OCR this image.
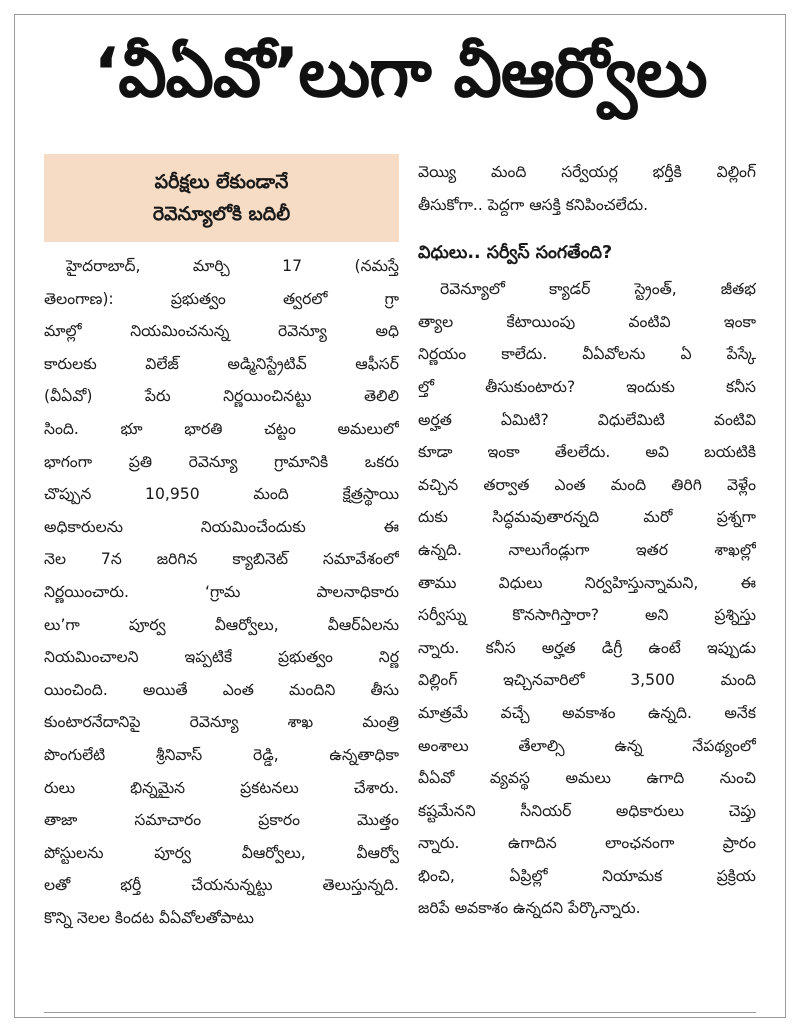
‘వీఏవో’లుగా వీఆర్వోలు
పరీక్షలు లేకుండానే
రెవెన్యూలోకి బదిలీ
హైదరాబాద్, మార్చి 17 (నమస్తే
తెలంగాణ): ప్రభుత్వం త్వరలో గ్రా
మాల్లో నియమించనున్న రెవెన్యూ అధి
కారులకు విలేజ్ అడ్మినిస్ట్రేటివ్ ఆఫీసర్
(వీఏవో) పేరు నిర్ణయించినట్టు తెలిలి
సింది. భూ భారతి చట్టం అమలులో
భాగంగా ప్రతి రెవెన్యూ గ్రామానికి ఒకరు
చొప్పున 10,950 మంది క్షేత్రస్థాయి
అధికారులను నియమించేందుకు ఈ
నెల 7న జరిగిన క్యాబినెట్ సమావేశంలో
నిర్ణయించారు. ‘గ్రామ పాలనాధికారు
లు’గా పూర్వ వీఆర్వోలు, వీఆర్ఏలను
నియమించాలని ఇప్పటికే ప్రభుత్వం నిర్ణ
యించింది. అయితే ఎంత మందిని తీసు
కుంటారనేదానిపై రెవెన్యూ శాఖ మంత్రి
పొంగులేటి శ్రీనివాస్ రెడ్డి, ఉన్నతాధికా
రులు భిన్నమైన ప్రకటనలు చేశారు.
తాజా సమాచారం ప్రకారం మొత్తం
పోస్టులను పూర్వ వీఆర్వోలు, వీఆర్వో
లతో భర్తీ చేయనున్నట్టు తెలుస్తున్నది.
కొన్ని నెలల కిందట వీఏవోలతోపాటు
వెయ్యి మంది సర్వేయర్ల భర్తీకి విల్లింగ్
తీసుకోగా.. పెద్దగా ఆసక్తి కనిపించలేదు.
విధులు.. సర్వీస్ సంగతేంది?
రెవెన్యూలో క్యాడర్ స్ట్రెంత్, జీతభ
త్యాల కేటాయింపు వంటివి ఇంకా
నిర్ణయం కాలేదు. వీఏవోలను ఏ పేస్కే
ల్తో తీసుకుంటారు? ఇందుకు కనీస
అర్హత ఏమిటి? విధులేమిటి వంటివి
కూడా ఇంకా తేలలేదు. అవి బయటికి
వచ్చిన తర్వాత ఎంత మంది తిరిగి వెళ్లేం
దుకు సిద్ధమవుతారన్నది మరో ప్రశ్నగా
ఉన్నది. నాలుగేండ్లుగా ఇతర శాఖల్లో
తాము విధులు నిర్వహిస్తున్నామని, ఈ
సర్వీస్ను కొనసాగిస్తారా? అని ప్రశ్నిస్తు
న్నారు. కనీస అర్హత డిగ్రీ ఉంటే ఇప్పుడు
విల్లింగ్ ఇచ్చినవారిలో 3,500 మంది
మాత్రమే వచ్చే అవకాశం ఉన్నది. అనేక
అంశాలు తేలాల్సి ఉన్న నేపథ్యంలో
వీఏవో వ్యవస్థ అమలు ఉగాది నుంచి
కష్టమేనని సీనియర్ అధికారులు చెప్తు
న్నారు. ఉగాదిన లాంఛనంగా ప్రారం
భించి, ఏప్రిల్లో నియామక ప్రక్రియ
జరిపే అవకాశం ఉన్నదని పేర్కొన్నారు.
